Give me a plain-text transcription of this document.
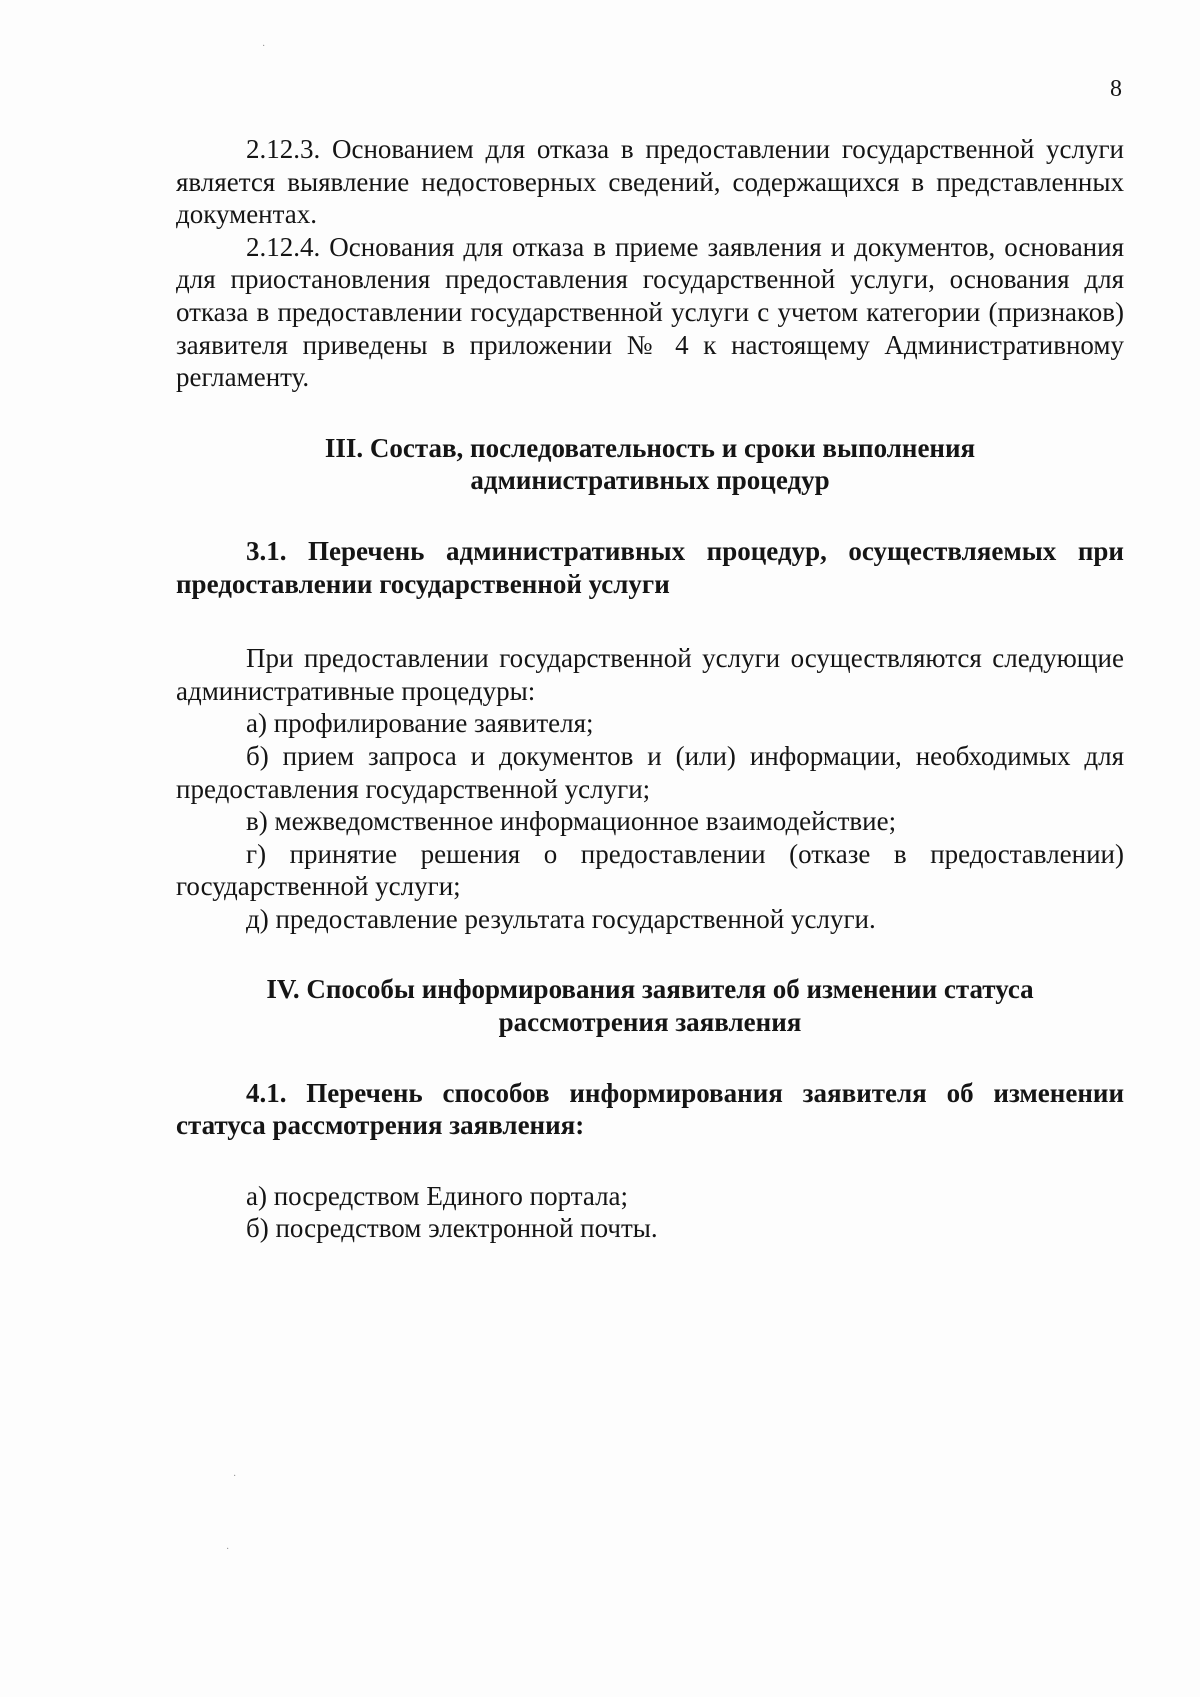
·
·
·
8

2.12.3. Основанием для отказа в предоставлении государственной услуги является выявление недостоверных сведений, содержащихся в представленных документах.

2.12.4. Основания для отказа в приеме заявления и документов, основания для приостановления предоставления государственной услуги, основания для отказа в предоставлении государственной услуги с учетом категории (признаков) заявителя приведены в приложении № 4 к настоящему Административному регламенту.

III. Состав, последовательность и сроки выполнения
административных процедур

3.1. Перечень административных процедур, осуществляемых при предоставлении государственной услуги

При предоставлении государственной услуги осуществляются следующие административные процедуры:

а) профилирование заявителя;

б) прием запроса и документов и (или) информации, необходимых для предоставления государственной услуги;

в) межведомственное информационное взаимодействие;

г) принятие решения о предоставлении (отказе в предоставлении) государственной услуги;

д) предоставление результата государственной услуги.

IV. Способы информирования заявителя об изменении статуса
рассмотрения заявления

4.1. Перечень способов информирования заявителя об изменении статуса рассмотрения заявления:

а) посредством Единого портала;

б) посредством электронной почты.
